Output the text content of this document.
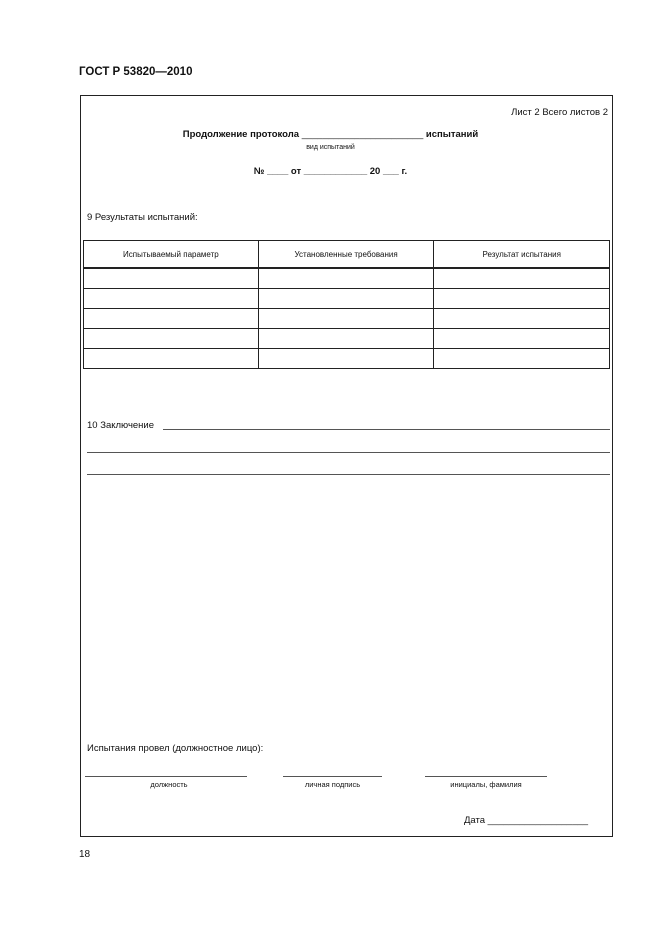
ГОСТ Р 53820—2010
Лист 2 Всего листов 2
Продолжение протокола _______________________ испытаний
вид испытаний
№ ____ от ____________ 20 ___ г.
9 Результаты испытаний:
Испытываемый параметр	Установленные требования	Результат испытания

10 Заключение
Испытания провел (должностное лицо):
должность	личная подпись	инициалы, фамилия
Дата ___________________
18
